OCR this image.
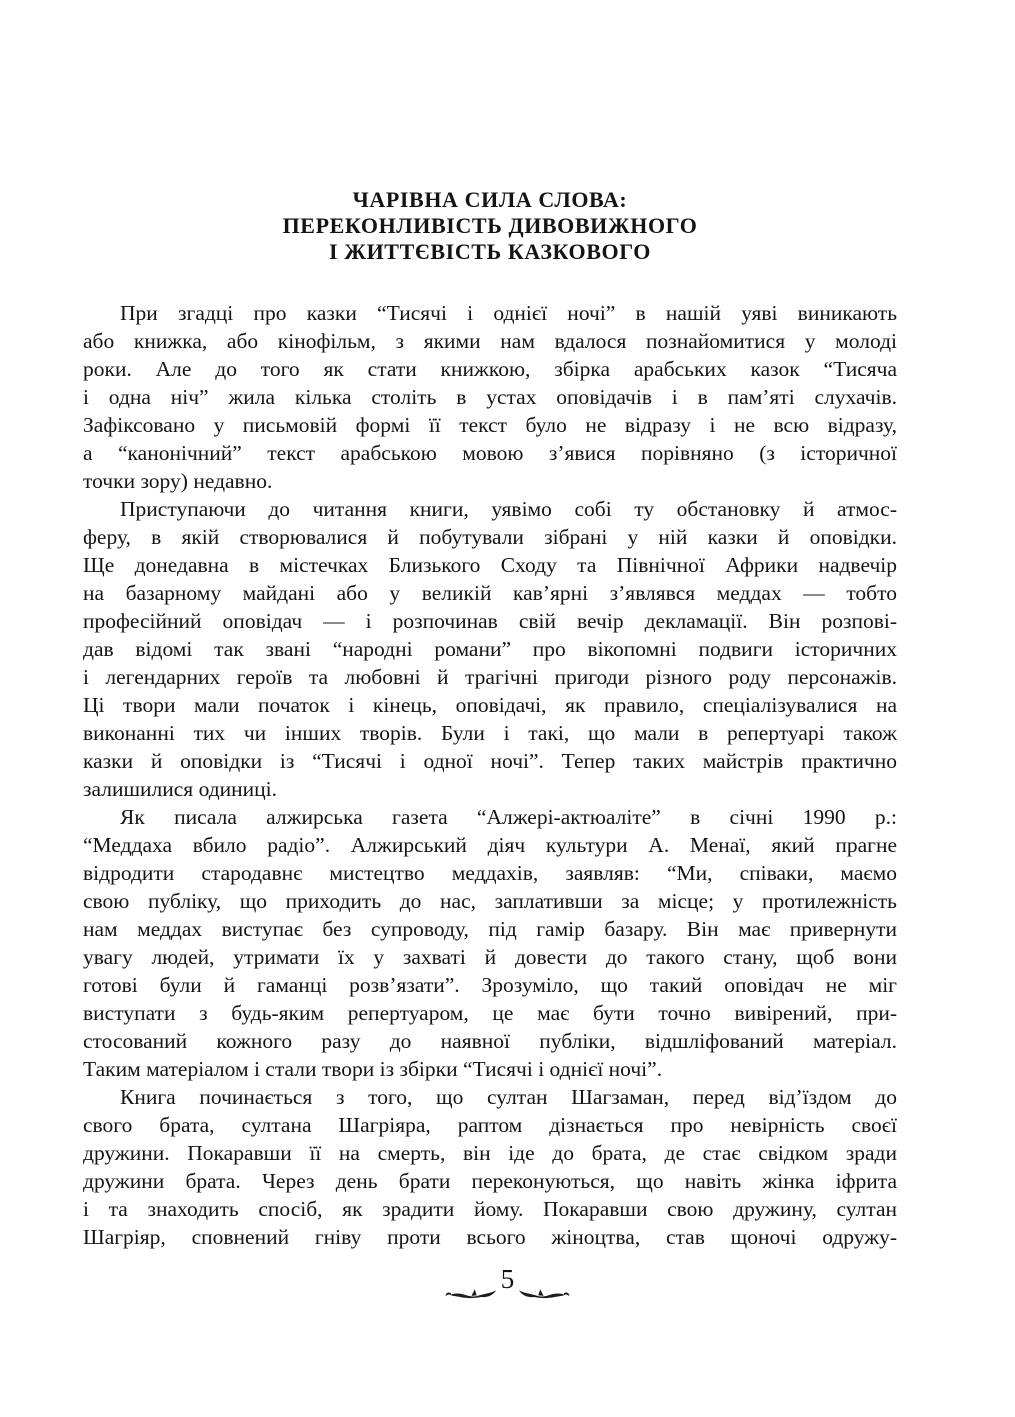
ЧАРІВНА СИЛА СЛОВА:
ПЕРЕКОНЛИВІСТЬ ДИВОВИЖНОГО
І ЖИТТЄВІСТЬ КАЗКОВОГО
При згадці про казки “Тисячі і однієї ночі” в нашій уяві виникають
або книжка, або кінофільм, з якими нам вдалося познайомитися у молоді
роки. Але до того як стати книжкою, збірка арабських казок “Тисяча
і одна ніч” жила кілька століть в устах оповідачів і в пам’яті слухачів.
Зафіксовано у письмовій формі її текст було не відразу і не всю відразу,
а “канонічний” текст арабською мовою з’явися порівняно (з історичної
точки зору) недавно.
Приступаючи до читання книги, уявімо собі ту обстановку й атмос-
феру, в якій створювалися й побутували зібрані у ній казки й оповідки.
Ще донедавна в містечках Близького Сходу та Північної Африки надвечір
на базарному майдані або у великій кав’ярні з’являвся меддах — тобто
професійний оповідач — і розпочинав свій вечір декламації. Він розпові-
дав відомі так звані “народні романи” про вікопомні подвиги історичних
і легендарних героїв та любовні й трагічні пригоди різного роду персонажів.
Ці твори мали початок і кінець, оповідачі, як правило, спеціалізувалися на
виконанні тих чи інших творів. Були і такі, що мали в репертуарі також
казки й оповідки із “Тисячі і одної ночі”. Тепер таких майстрів практично
залишилися одиниці.
Як писала алжирська газета “Алжері-актюаліте” в січні 1990 р.:
“Меддаха вбило радіо”. Алжирський діяч культури А. Менаї, який прагне
відродити стародавнє мистецтво меддахів, заявляв: “Ми, співаки, маємо
свою публіку, що приходить до нас, заплативши за місце; у протилежність
нам меддах виступає без супроводу, під гамір базару. Він має привернути
увагу людей, утримати їх у захваті й довести до такого стану, щоб вони
готові були й гаманці розв’язати”. Зрозуміло, що такий оповідач не міг
виступати з будь-яким репертуаром, це має бути точно вивірений, при-
стосований кожного разу до наявної публіки, відшліфований матеріал.
Таким матеріалом і стали твори із збірки “Тисячі і однієї ночі”.
Книга починається з того, що султан Шагзаман, перед від’їздом до
свого брата, султана Шагріяра, раптом дізнається про невірність своєї
дружини. Покаравши її на смерть, він іде до брата, де стає свідком зради
дружини брата. Через день брати переконуються, що навіть жінка іфрита
і та знаходить спосіб, як зрадити йому. Покаравши свою дружину, султан
Шагріяр, сповнений гніву проти всього жіноцтва, став щоночі одружу-
5
